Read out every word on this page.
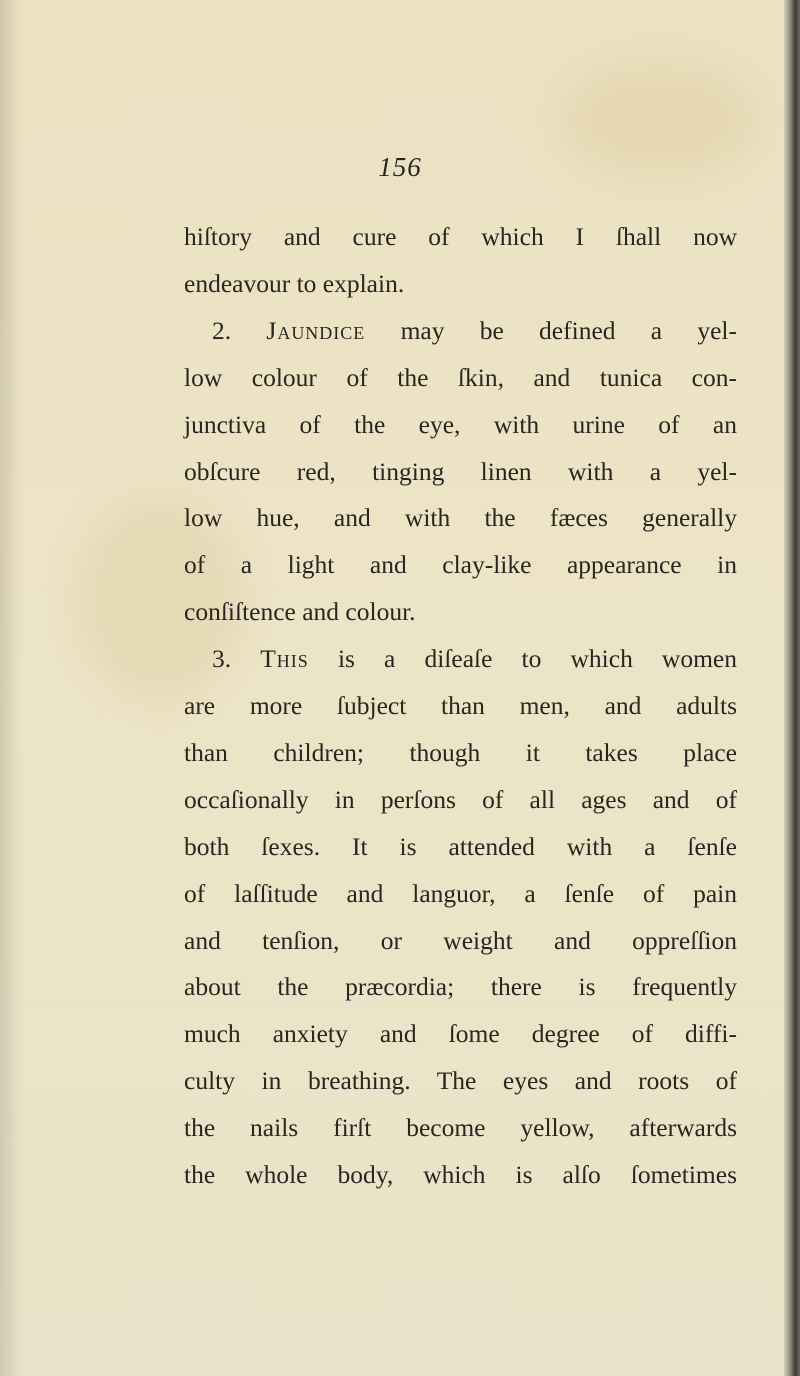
156
hiſtory and cure of which I ſhall now
endeavour to explain.
2. Jaundice may be defined a yel-
low colour of the ſkin, and tunica con-
junctiva of the eye, with urine of an
obſcure red, tinging linen with a yel-
low hue, and with the fæces generally
of a light and clay-like appearance in
conſiſtence and colour.
3. This is a diſeaſe to which women
are more ſubject than men, and adults
than children; though it takes place
occaſionally in perſons of all ages and of
both ſexes. It is attended with a ſenſe
of laſſitude and languor, a ſenſe of pain
and tenſion, or weight and oppreſſion
about the præcordia; there is frequently
much anxiety and ſome degree of diffi-
culty in breathing. The eyes and roots of
the nails firſt become yellow, afterwards
the whole body, which is alſo ſometimes
